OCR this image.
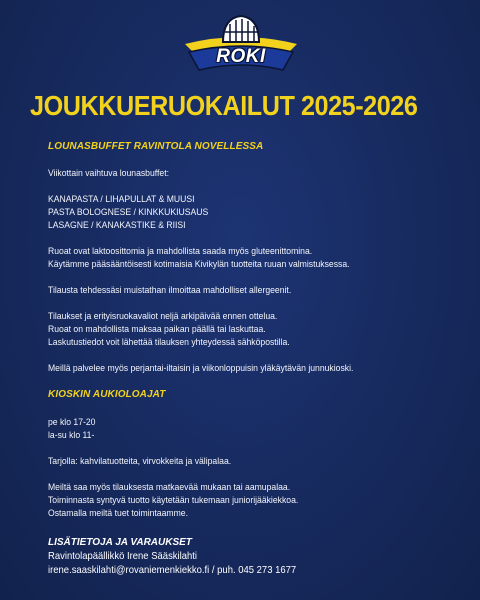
ROKI
JOUKKUERUOKAILUT 2025-2026
LOUNASBUFFET RAVINTOLA NOVELLESSA
Viikottain vaihtuva lounasbuffet:
KANAPASTA / LIHAPULLAT & MUUSI
PASTA BOLOGNESE / KINKKUKIUSAUS
LASAGNE / KANAKASTIKE & RIISI
Ruoat ovat laktoosittomia ja mahdollista saada myös gluteenittomina.
Käytämme pääsääntöisesti kotimaisia Kivikylän tuotteita ruuan valmistuksessa.
Tilausta tehdessäsi muistathan ilmoittaa mahdolliset allergeenit.
Tilaukset ja erityisruokavaliot neljä arkipäivää ennen ottelua.
Ruoat on mahdollista maksaa paikan päällä tai laskuttaa.
Laskutustiedot voit lähettää tilauksen yhteydessä sähköpostilla.
Meillä palvelee myös perjantai-iltaisin ja viikonloppuisin yläkäytävän junnukioski.
KIOSKIN AUKIOLOAJAT
pe klo 17-20
la-su klo 11-
Tarjolla: kahvilatuotteita, virvokkeita ja välipalaa.
Meiltä saa myös tilauksesta matkaevää mukaan tai aamupalaa.
Toiminnasta syntyvä tuotto käytetään tukemaan juniorijääkiekkoa.
Ostamalla meiltä tuet toimintaamme.
LISÄTIETOJA JA VARAUKSET
Ravintolapäällikkö Irene Sääskilahti
irene.saaskilahti@rovaniemenkiekko.fi / puh. 045 273 1677
